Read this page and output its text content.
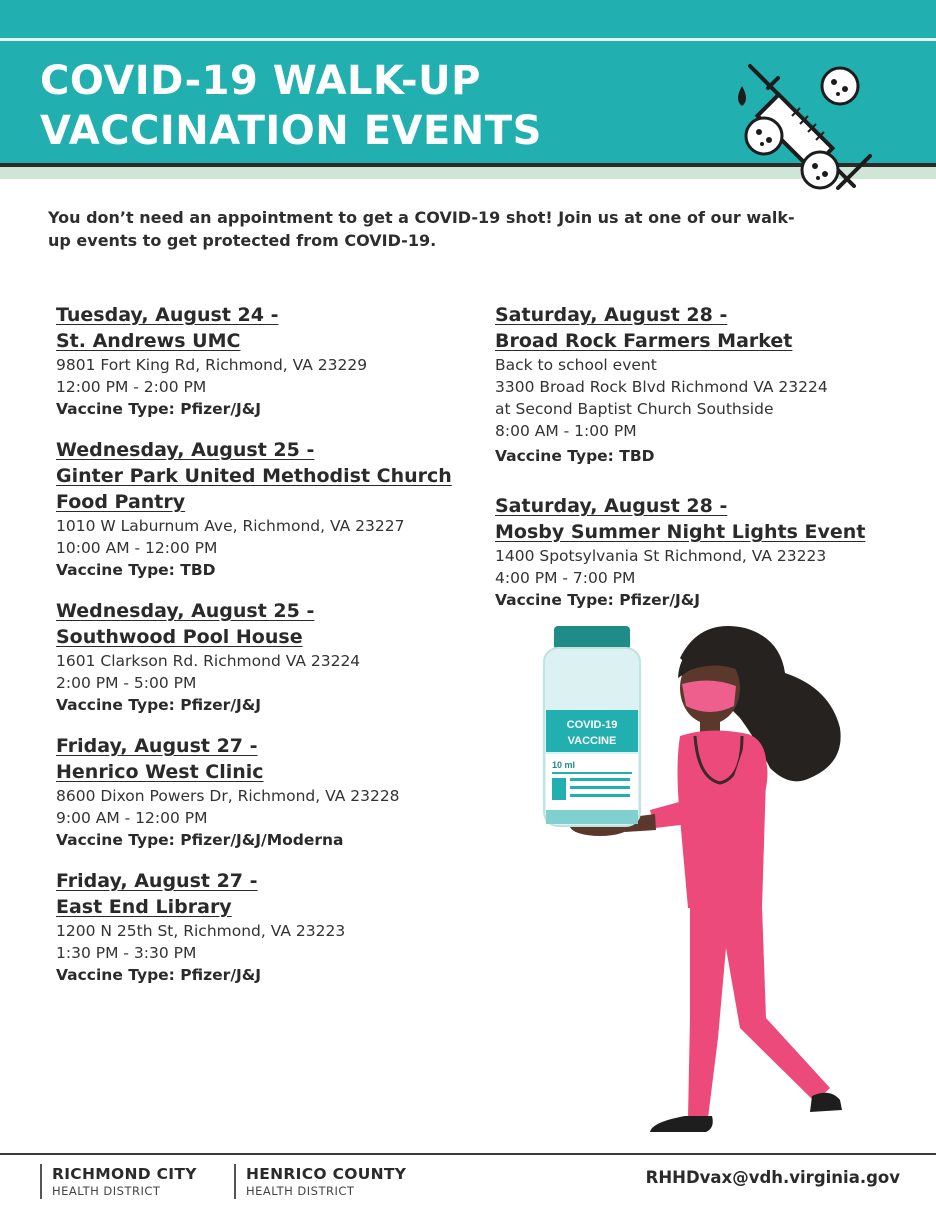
COVID-19 WALK-UP
VACCINATION EVENTS

You don’t need an appointment to get a COVID-19 shot! Join us at one of our walk-up events to get protected from COVID-19.

Tuesday, August 24 -
St. Andrews UMC
9801 Fort King Rd, Richmond, VA 23229
12:00 PM - 2:00 PM
Vaccine Type: Pfizer/J&J
Wednesday, August 25 -
Ginter Park United Methodist Church
Food Pantry
1010 W Laburnum Ave, Richmond, VA 23227
10:00 AM - 12:00 PM
Vaccine Type: TBD
Wednesday, August 25 -
Southwood Pool House
1601 Clarkson Rd. Richmond VA 23224
2:00 PM - 5:00 PM
Vaccine Type: Pfizer/J&J
Friday, August 27 -
Henrico West Clinic
8600 Dixon Powers Dr, Richmond, VA 23228
9:00 AM - 12:00 PM
Vaccine Type: Pfizer/J&J/Moderna
Friday, August 27 -
East End Library
1200 N 25th St, Richmond, VA 23223
1:30 PM - 3:30 PM
Vaccine Type: Pfizer/J&J
Saturday, August 28 -
Broad Rock Farmers Market
Back to school event
3300 Broad Rock Blvd Richmond VA 23224
at Second Baptist Church Southside
8:00 AM - 1:00 PM
Vaccine Type: TBD
Saturday, August 28 -
Mosby Summer Night Lights Event
1400 Spotsylvania St Richmond, VA 23223
4:00 PM - 7:00 PM
Vaccine Type: Pfizer/J&J
COVID-19
VACCINE
10 ml
RICHMOND CITY
HEALTH DISTRICT
HENRICO COUNTY
HEALTH DISTRICT
RHHDvax@vdh.virginia.gov
